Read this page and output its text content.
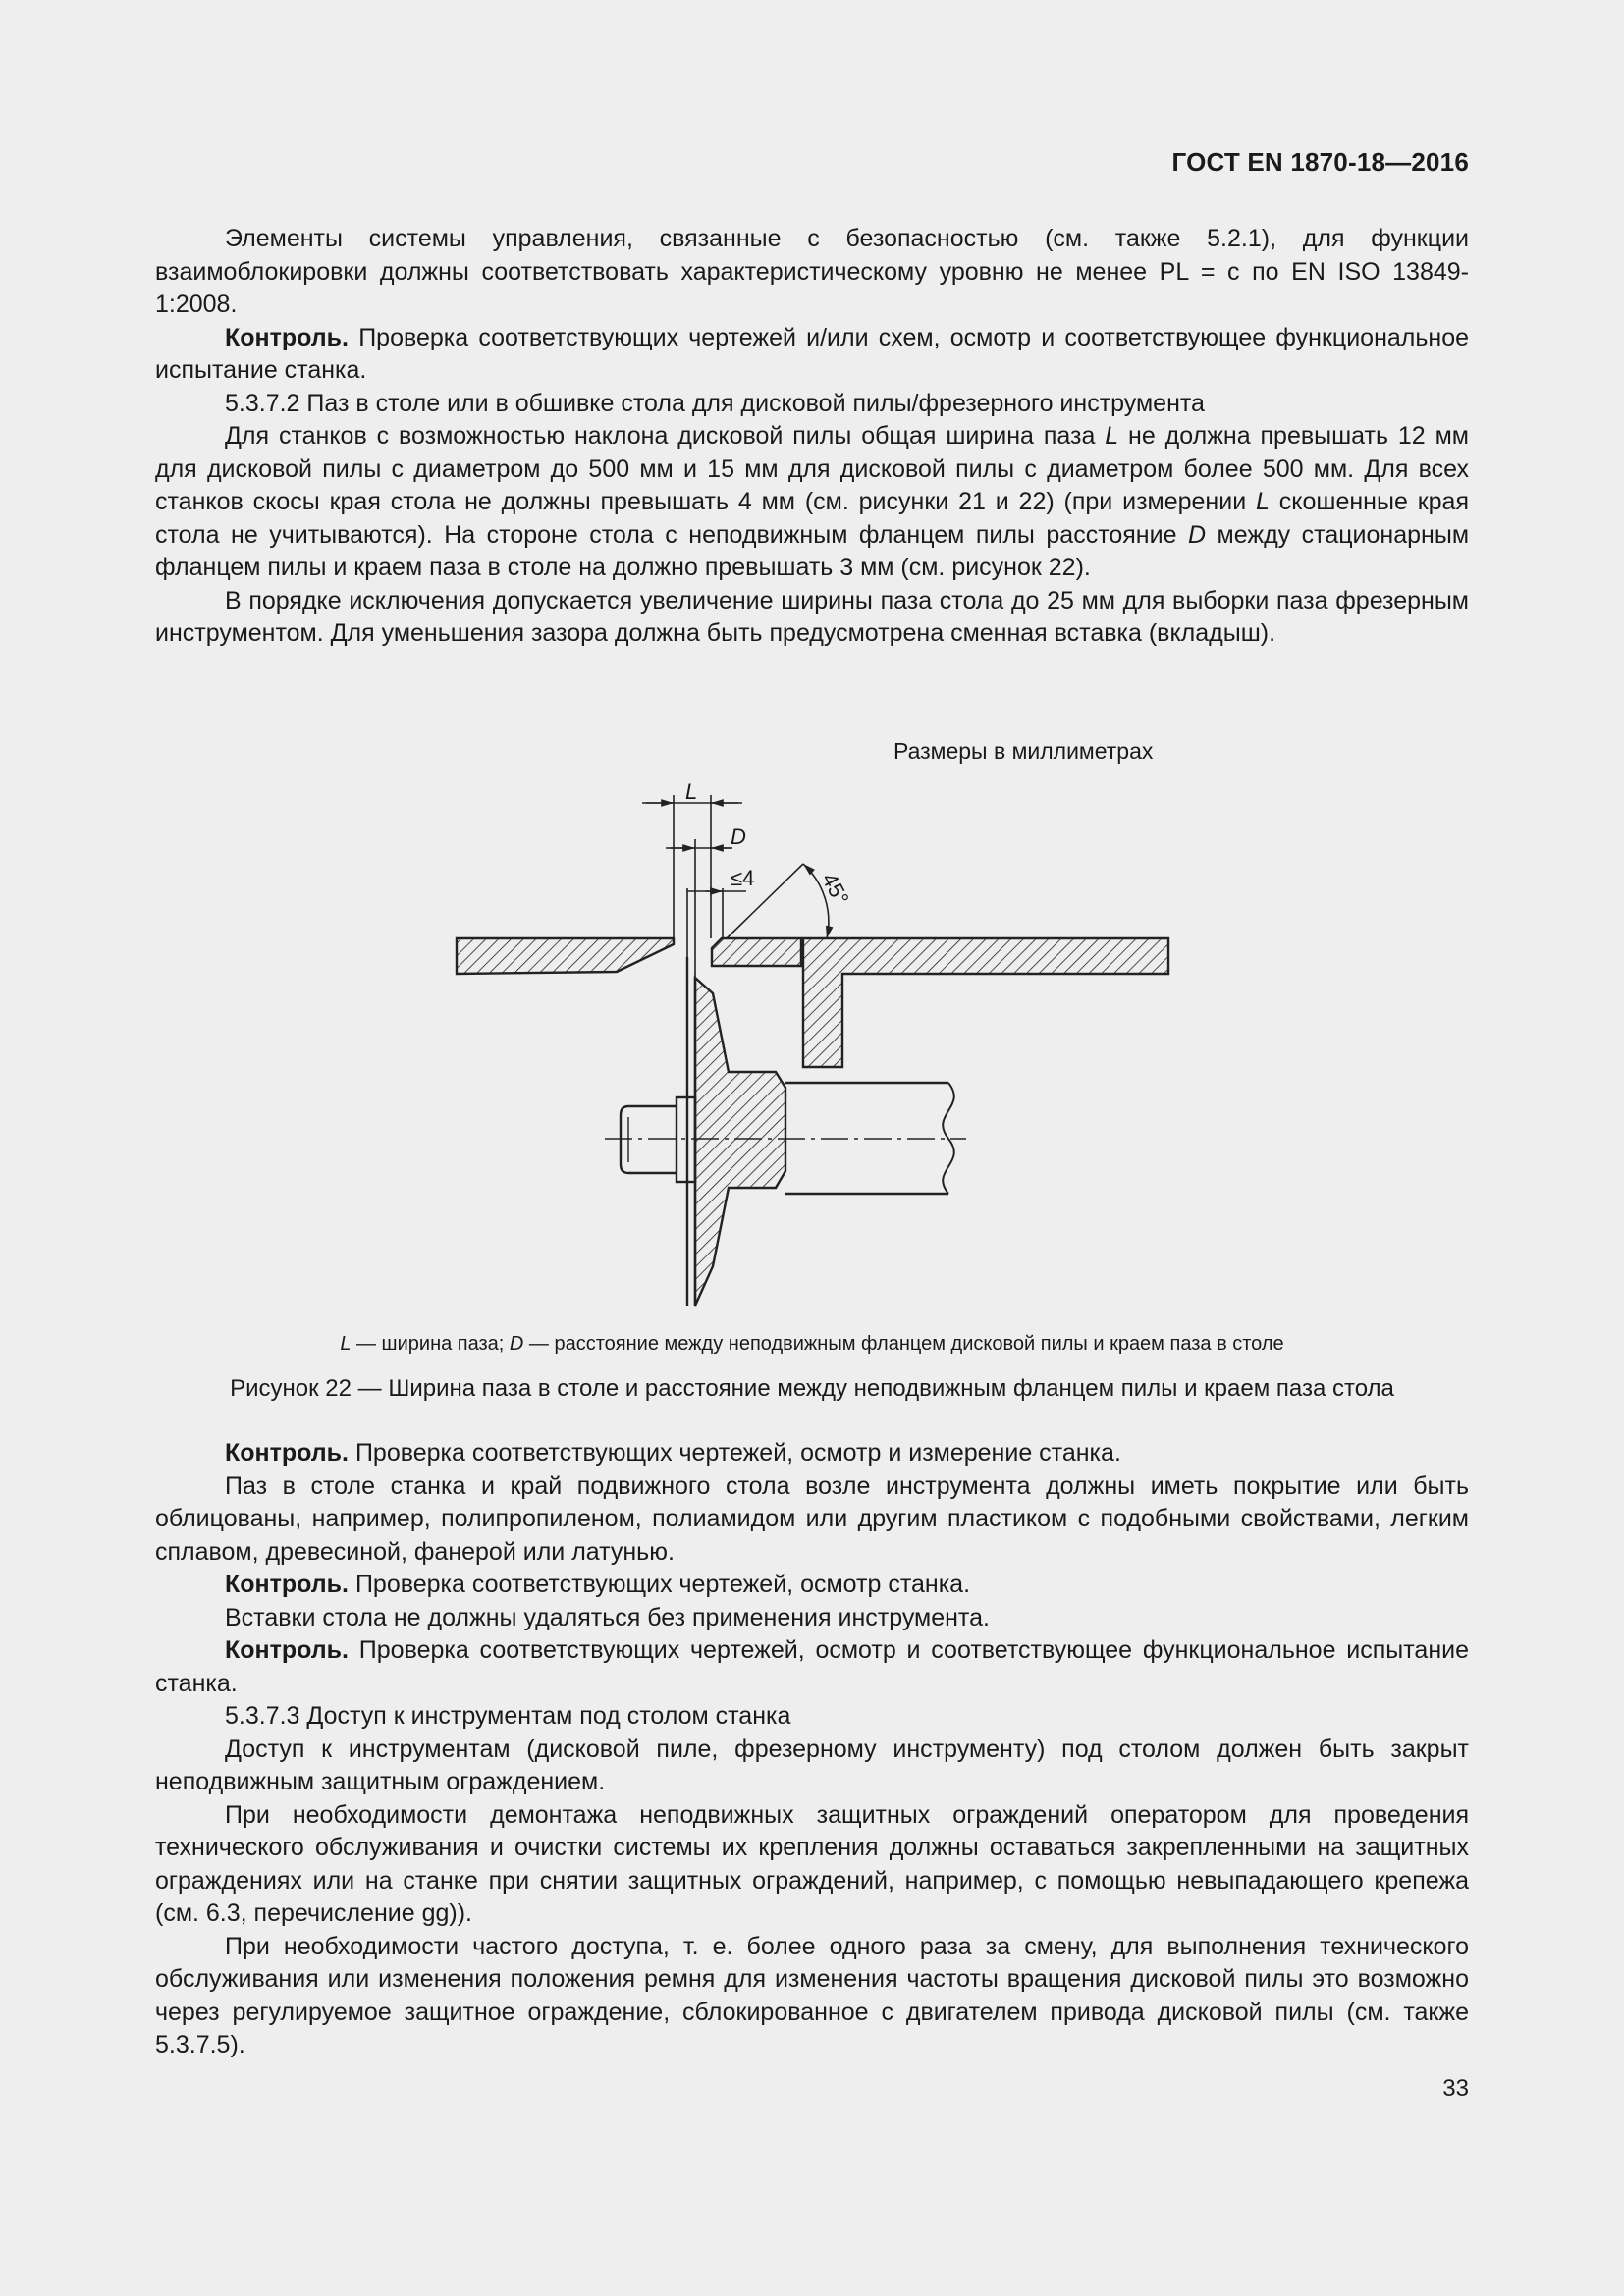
ГОСТ EN 1870-18—2016

Элементы системы управления, связанные с безопасностью (см. также 5.2.1), для функции взаимоблокировки должны соответствовать характеристическому уровню не менее PL = c по EN ISO 13849-1:2008.

Контроль. Проверка соответствующих чертежей и/или схем, осмотр и соответствующее функциональное испытание станка.

5.3.7.2 Паз в столе или в обшивке стола для дисковой пилы/фрезерного инструмента

Для станков с возможностью наклона дисковой пилы общая ширина паза L не должна превышать 12 мм для дисковой пилы с диаметром до 500 мм и 15 мм для дисковой пилы с диаметром более 500 мм. Для всех станков скосы края стола не должны превышать 4 мм (см. рисунки 21 и 22) (при измерении L скошенные края стола не учитываются). На стороне стола с неподвижным фланцем пилы расстояние D между стационарным фланцем пилы и краем паза в столе на должно превышать 3 мм (см. рисунок 22).

В порядке исключения допускается увеличение ширины паза стола до 25 мм для выборки паза фрезерным инструментом. Для уменьшения зазора должна быть предусмотрена сменная вставка (вкладыш).

Размеры в миллиметрах
L
D
≤4	45°
L — ширина паза; D — расстояние между неподвижным фланцем дисковой пилы и краем паза в столе
Рисунок 22 — Ширина паза в столе и расстояние между неподвижным фланцем пилы и краем паза стола

Контроль. Проверка соответствующих чертежей, осмотр и измерение станка.

Паз в столе станка и край подвижного стола возле инструмента должны иметь покрытие или быть облицованы, например, полипропиленом, полиамидом или другим пластиком с подобными свойствами, легким сплавом, древесиной, фанерой или латунью.

Контроль. Проверка соответствующих чертежей, осмотр станка.

Вставки стола не должны удаляться без применения инструмента.

Контроль. Проверка соответствующих чертежей, осмотр и соответствующее функциональное испытание станка.

5.3.7.3 Доступ к инструментам под столом станка

Доступ к инструментам (дисковой пиле, фрезерному инструменту) под столом должен быть закрыт неподвижным защитным ограждением.

При необходимости демонтажа неподвижных защитных ограждений оператором для проведения технического обслуживания и очистки системы их крепления должны оставаться закрепленными на защитных ограждениях или на станке при снятии защитных ограждений, например, с помощью невыпадающего крепежа (см. 6.3, перечисление gg)).

При необходимости частого доступа, т. е. более одного раза за смену, для выполнения технического обслуживания или изменения положения ремня для изменения частоты вращения дисковой пилы это возможно через регулируемое защитное ограждение, сблокированное с двигателем привода дисковой пилы (см. также 5.3.7.5).

33
